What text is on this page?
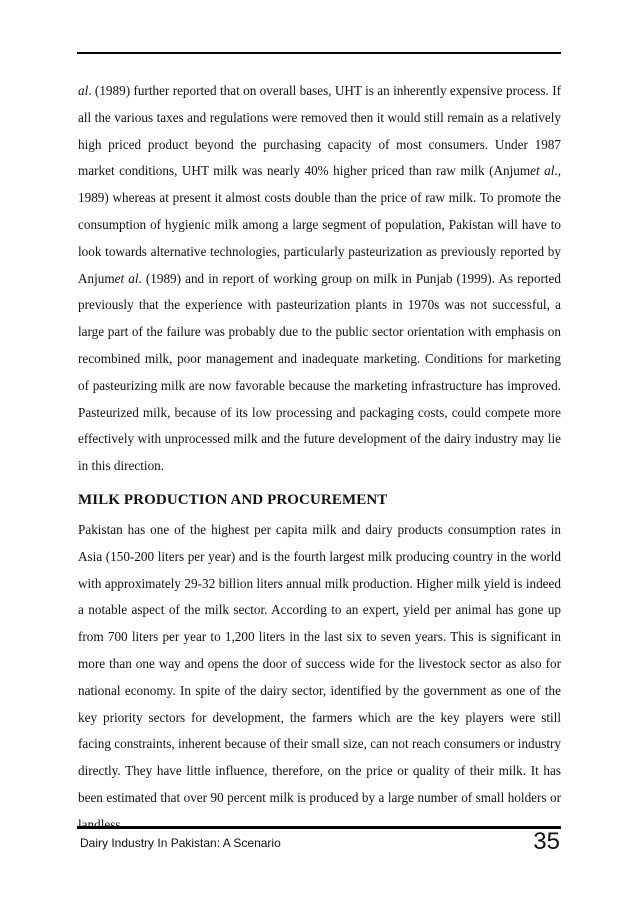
al. (1989) further reported that on overall bases, UHT is an inherently expensive process. If all the various taxes and regulations were removed then it would still remain as a relatively high priced product beyond the purchasing capacity of most consumers. Under 1987 market conditions, UHT milk was nearly 40% higher priced than raw milk (Anjumet al., 1989) whereas at present it almost costs double than the price of raw milk. To promote the consumption of hygienic milk among a large segment of population, Pakistan will have to look towards alternative technologies, particularly pasteurization as previously reported by Anjumet al. (1989) and in report of working group on milk in Punjab (1999). As reported previously that the experience with pasteurization plants in 1970s was not successful, a large part of the failure was probably due to the public sector orientation with emphasis on recombined milk, poor management and inadequate marketing. Conditions for marketing of pasteurizing milk are now favorable because the marketing infrastructure has improved. Pasteurized milk, because of its low processing and packaging costs, could compete more effectively with unprocessed milk and the future development of the dairy industry may lie in this direction.

MILK PRODUCTION AND PROCUREMENT

Pakistan has one of the highest per capita milk and dairy products consumption rates in Asia (150-200 liters per year) and is the fourth largest milk producing country in the world with approximately 29-32 billion liters annual milk production. Higher milk yield is indeed a notable aspect of the milk sector. According to an expert, yield per animal has gone up from 700 liters per year to 1,200 liters in the last six to seven years. This is significant in more than one way and opens the door of success wide for the livestock sector as also for national economy. In spite of the dairy sector, identified by the government as one of the key priority sectors for development, the farmers which are the key players were still facing constraints, inherent because of their small size, can not reach consumers or industry directly. They have little influence, therefore, on the price or quality of their milk. It has been estimated that over 90 percent milk is produced by a large number of small holders or landless

Dairy Industry In Pakistan: A Scenario	35
